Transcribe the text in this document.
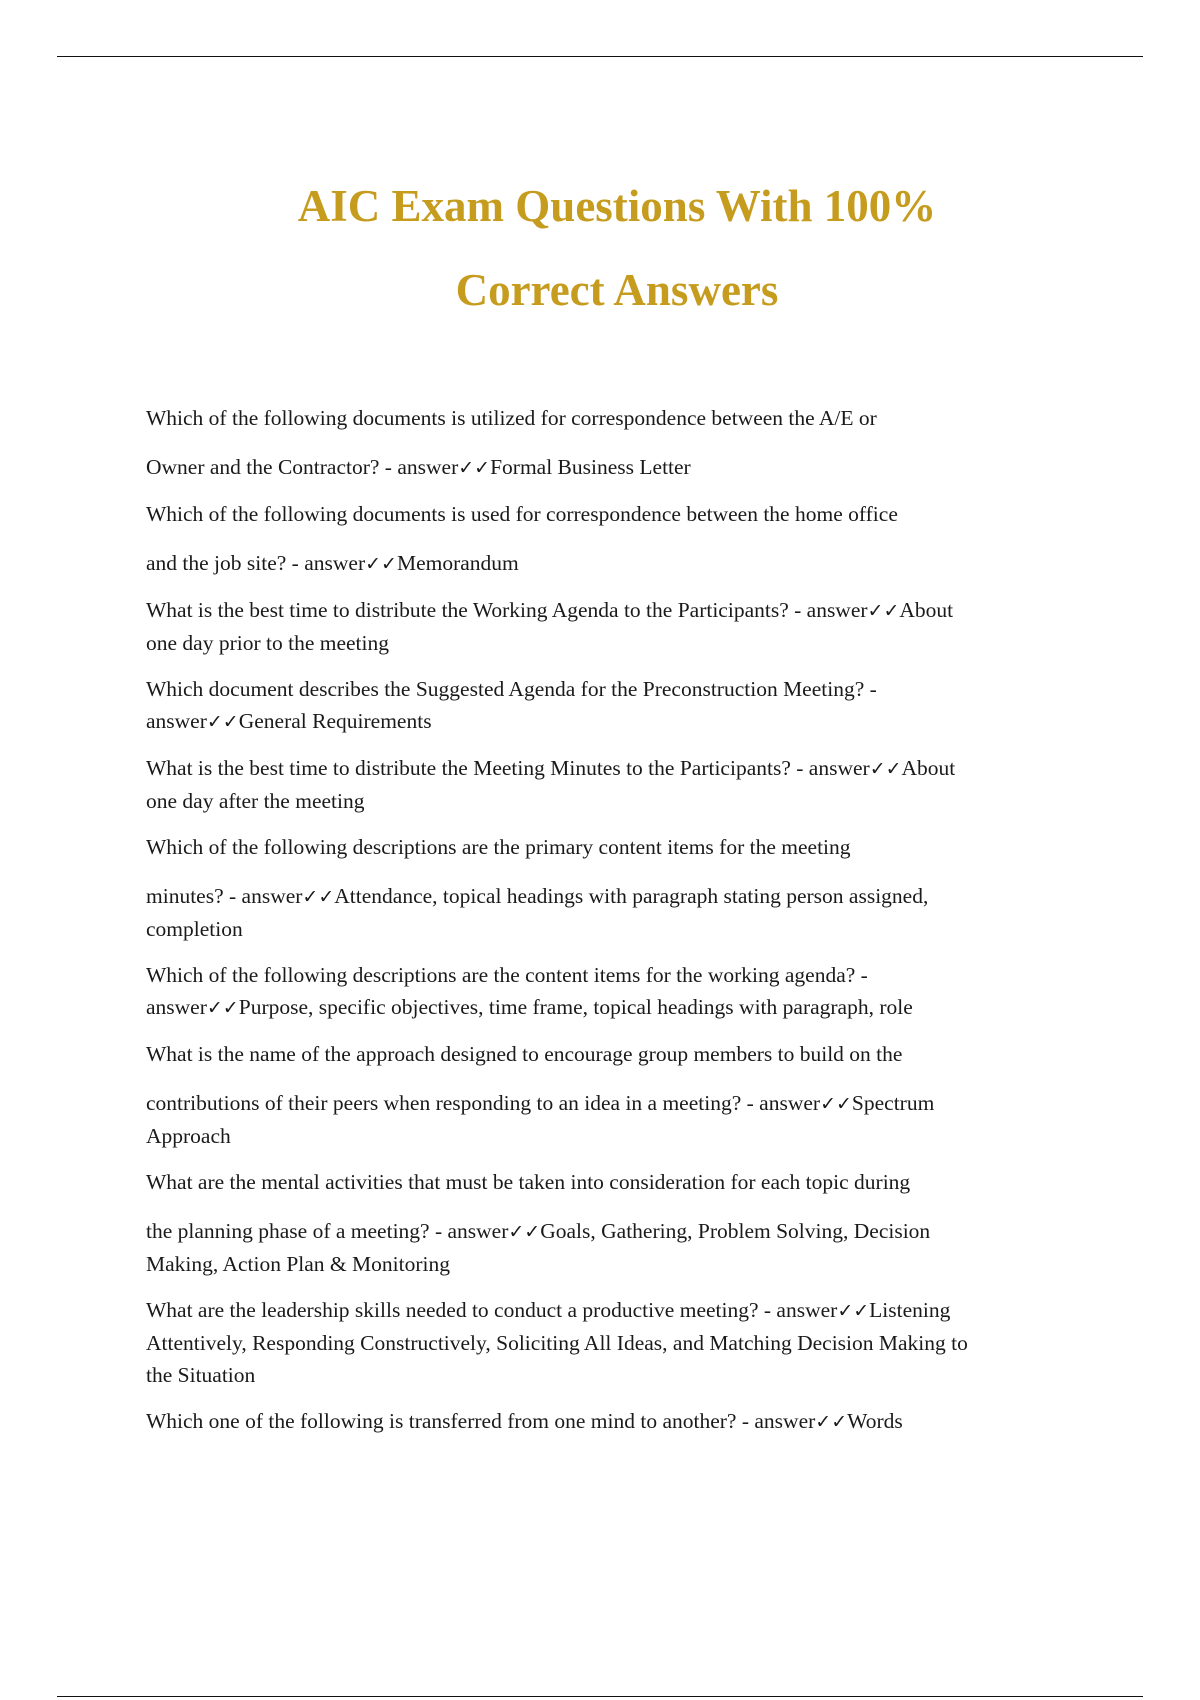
AIC Exam Questions With 100%
Correct Answers
Which of the following documents is utilized for correspondence between the A/E or
Owner and the Contractor? - answer✓✓Formal Business Letter
Which of the following documents is used for correspondence between the home office
and the job site? - answer✓✓Memorandum
What is the best time to distribute the Working Agenda to the Participants? - answer✓✓About
one day prior to the meeting
Which document describes the Suggested Agenda for the Preconstruction Meeting? -
answer✓✓General Requirements
What is the best time to distribute the Meeting Minutes to the Participants? - answer✓✓About
one day after the meeting
Which of the following descriptions are the primary content items for the meeting
minutes? - answer✓✓Attendance, topical headings with paragraph stating person assigned,
completion
Which of the following descriptions are the content items for the working agenda? -
answer✓✓Purpose, specific objectives, time frame, topical headings with paragraph, role
What is the name of the approach designed to encourage group members to build on the
contributions of their peers when responding to an idea in a meeting? - answer✓✓Spectrum
Approach
What are the mental activities that must be taken into consideration for each topic during
the planning phase of a meeting? - answer✓✓Goals, Gathering, Problem Solving, Decision
Making, Action Plan & Monitoring
What are the leadership skills needed to conduct a productive meeting? - answer✓✓Listening
Attentively, Responding Constructively, Soliciting All Ideas, and Matching Decision Making to
the Situation
Which one of the following is transferred from one mind to another? - answer✓✓Words
